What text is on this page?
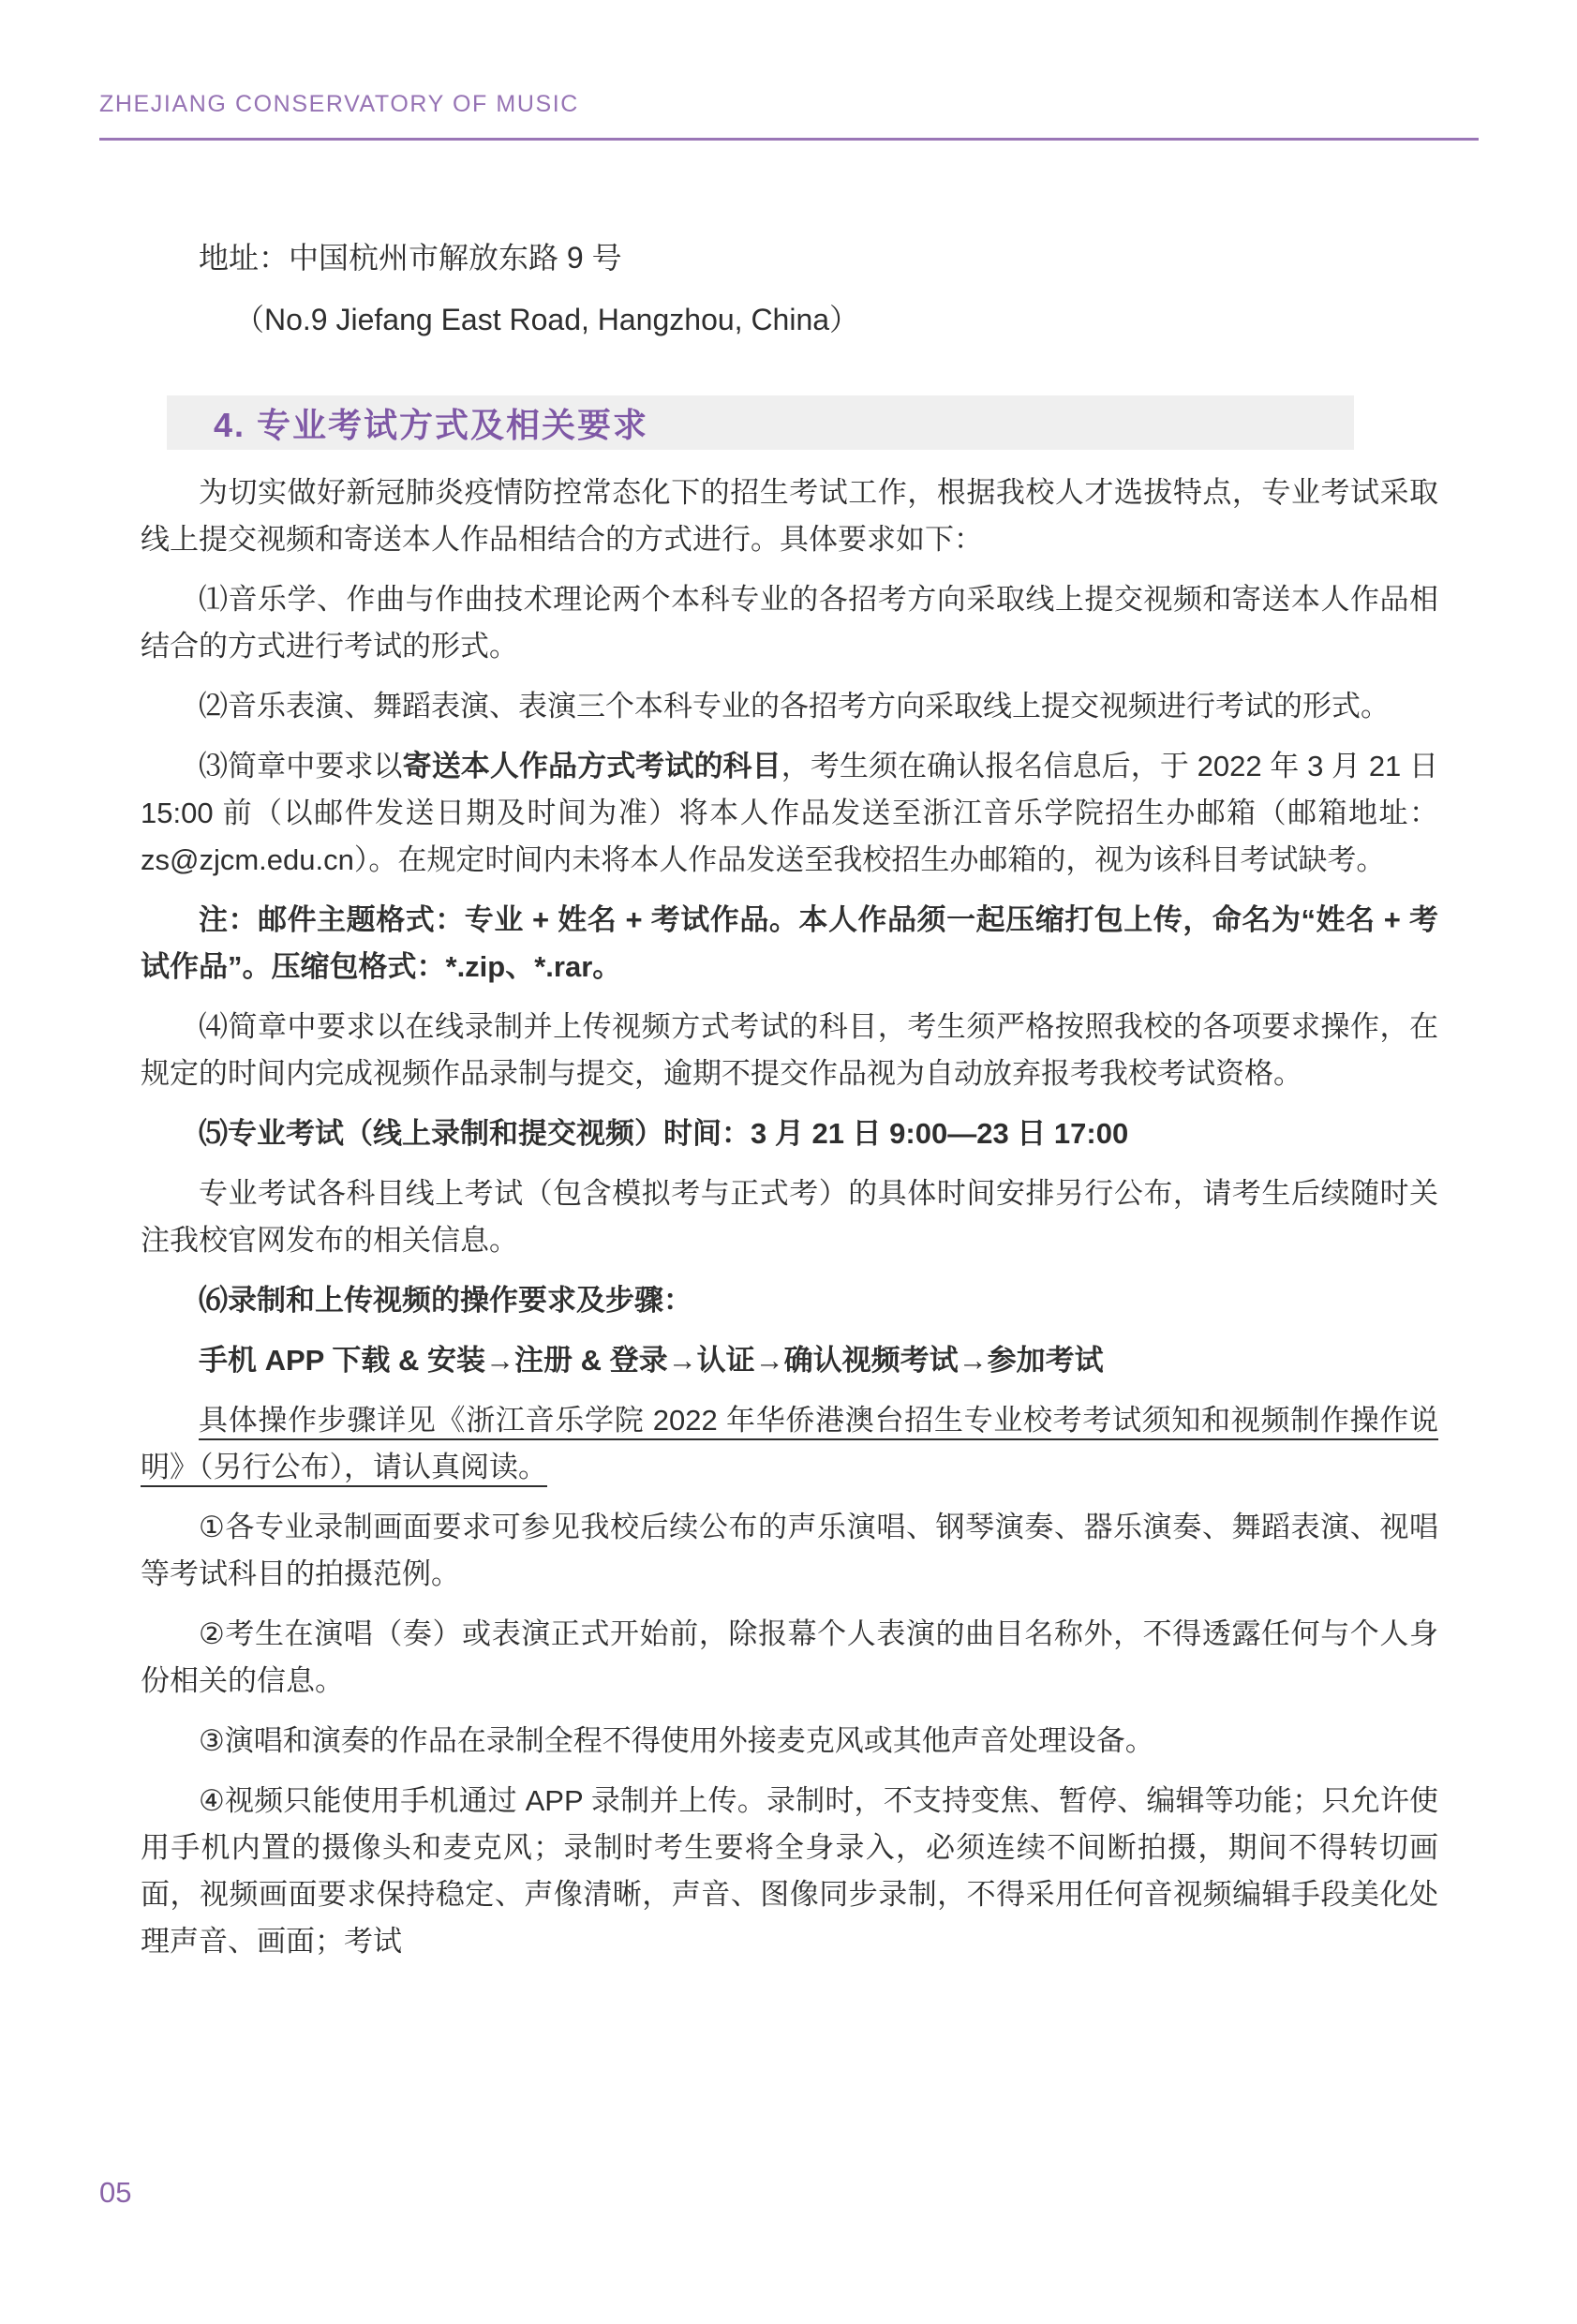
ZHEJIANG CONSERVATORY OF MUSIC
地址：中国杭州市解放东路 9 号
（No.9 Jiefang East Road, Hangzhou, China）
4. 专业考试方式及相关要求

为切实做好新冠肺炎疫情防控常态化下的招生考试工作，根据我校人才选拔特点，专业考试采取线上提交视频和寄送本人作品相结合的方式进行。具体要求如下：

⑴音乐学、作曲与作曲技术理论两个本科专业的各招考方向采取线上提交视频和寄送本人作品相结合的方式进行考试的形式。

⑵音乐表演、舞蹈表演、表演三个本科专业的各招考方向采取线上提交视频进行考试的形式。

⑶简章中要求以寄送本人作品方式考试的科目，考生须在确认报名信息后，于 2022 年 3 月 21 日 15:00 前（以邮件发送日期及时间为准）将本人作品发送至浙江音乐学院招生办邮箱（邮箱地址：zs@zjcm.edu.cn）。在规定时间内未将本人作品发送至我校招生办邮箱的，视为该科目考试缺考。

注：邮件主题格式：专业 + 姓名 + 考试作品。本人作品须一起压缩打包上传，命名为“姓名 + 考试作品”。压缩包格式：*.zip、*.rar。

⑷简章中要求以在线录制并上传视频方式考试的科目，考生须严格按照我校的各项要求操作，在规定的时间内完成视频作品录制与提交，逾期不提交作品视为自动放弃报考我校考试资格。

⑸专业考试（线上录制和提交视频）时间：3 月 21 日 9:00—23 日 17:00

专业考试各科目线上考试（包含模拟考与正式考）的具体时间安排另行公布，请考生后续随时关注我校官网发布的相关信息。

⑹录制和上传视频的操作要求及步骤：

手机 APP 下载 & 安装→注册 & 登录→认证→确认视频考试→参加考试

具体操作步骤详见《浙江音乐学院 2022 年华侨港澳台招生专业校考考试须知和视频制作操作说明》（另行公布），请认真阅读。

①各专业录制画面要求可参见我校后续公布的声乐演唱、钢琴演奏、器乐演奏、舞蹈表演、视唱等考试科目的拍摄范例。

②考生在演唱（奏）或表演正式开始前，除报幕个人表演的曲目名称外，不得透露任何与个人身份相关的信息。

③演唱和演奏的作品在录制全程不得使用外接麦克风或其他声音处理设备。

④视频只能使用手机通过 APP 录制并上传。录制时，不支持变焦、暂停、编辑等功能；只允许使用手机内置的摄像头和麦克风；录制时考生要将全身录入，必须连续不间断拍摄，期间不得转切画面，视频画面要求保持稳定、声像清晰，声音、图像同步录制，不得采用任何音视频编辑手段美化处理声音、画面；考试

05
